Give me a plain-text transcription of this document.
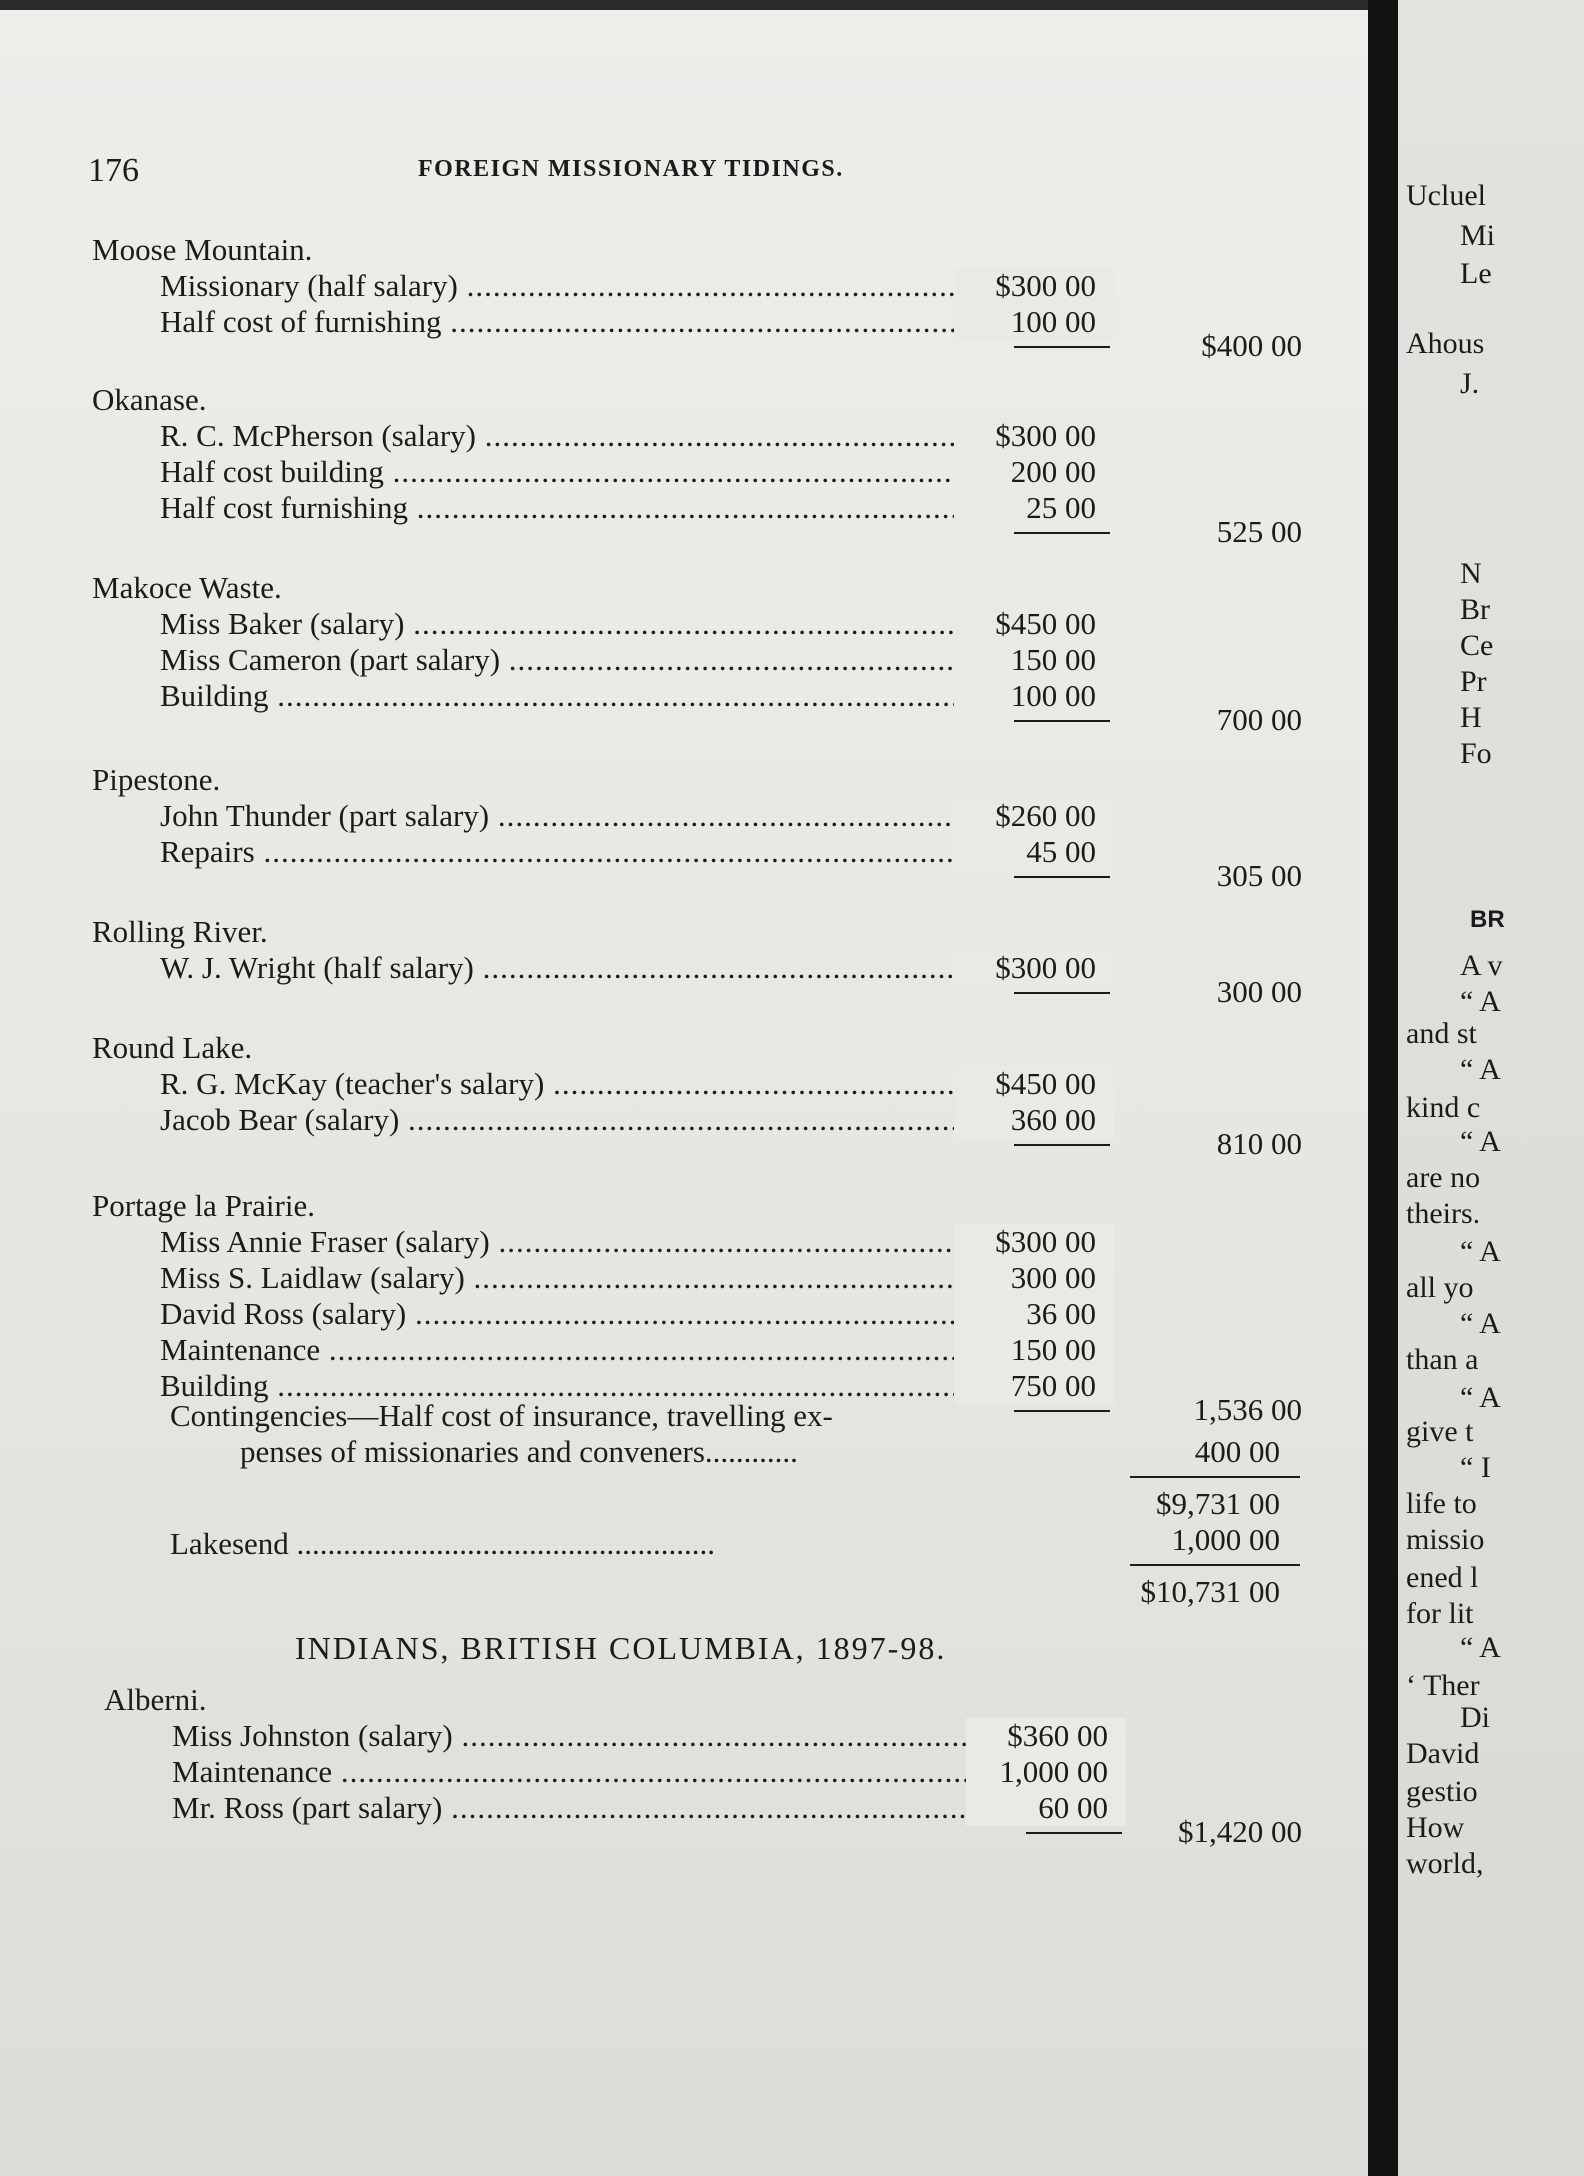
176	FOREIGN MISSIONARY TIDINGS.
Moose Mountain.
Missionary (half salary) .....	$300 00
Half cost of furnishing .....	100 00
$400 00
Okanase.
R. C. McPherson (salary) .....	$300 00
Half cost building .....	200 00
Half cost furnishing .....	25 00
525 00
Makoce Waste.
Miss Baker (salary) .....	$450 00
Miss Cameron (part salary) .....	150 00
Building .....	100 00
700 00
Pipestone.
John Thunder (part salary) .....	$260 00
Repairs .....	45 00
305 00
Rolling River.
W. J. Wright (half salary) .....	$300 00
300 00
Round Lake.
R. G. McKay (teacher's salary) .....	$450 00
Jacob Bear (salary) .....	360 00
810 00
Portage la Prairie.
Miss Annie Fraser (salary) .....	$300 00
Miss S. Laidlaw (salary) .....	300 00
David Ross (salary) .....	36 00
Maintenance .....	150 00
Building .....	750 00
1,536 00
Contingencies—Half cost of insurance, travelling ex-
penses of missionaries and conveners............	400 00
$9,731 00
Lakesend ......................................................	1,000 00
$10,731 00
INDIANS, BRITISH COLUMBIA, 1897-98.
Alberni.
Miss Johnston (salary) .....	$360 00
Maintenance .....	1,000 00
Mr. Ross (part salary) .....	60 00
$1,420 00
Ucluel
Mi
Le
Ahous
J.
N
Br
Ce
Pr
H
Fo
BR
A v
“ A
and st
“ A
kind c
“ A
are no
theirs.
“ A
all yo
“ A
than a
“ A
give t
“ I
life to
missio
ened l
for lit
“ A
‘ Ther
Di
David
gestio
How
world,
